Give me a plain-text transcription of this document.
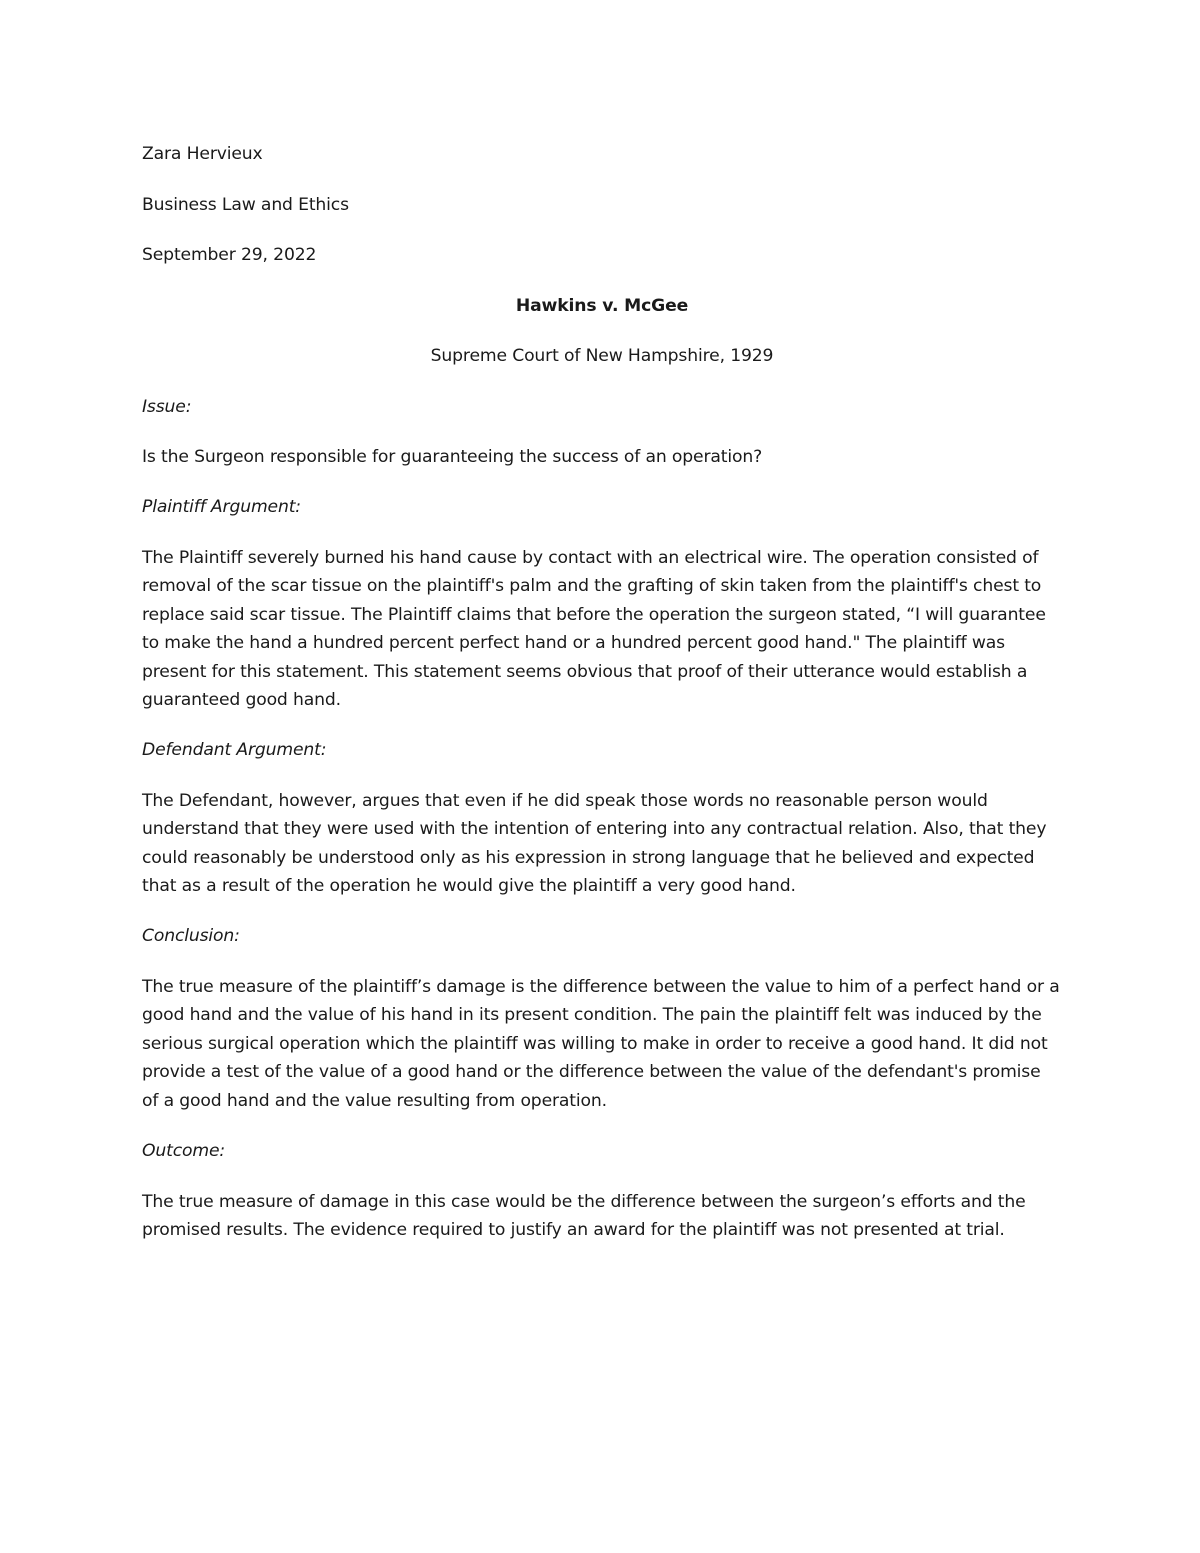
Zara Hervieux
Business Law and Ethics
September 29, 2022
Hawkins v. McGee
Supreme Court of New Hampshire, 1929
Issue:
Is the Surgeon responsible for guaranteeing the success of an operation?
Plaintiff Argument:
The Plaintiff severely burned his hand cause by contact with an electrical wire. The operation consisted of removal of the scar tissue on the plaintiff's palm and the grafting of skin taken from the plaintiff's chest to replace said scar tissue. The Plaintiff claims that before the operation the surgeon stated, “I will guarantee to make the hand a hundred percent perfect hand or a hundred percent good hand." The plaintiff was present for this statement. This statement seems obvious that proof of their utterance would establish a guaranteed good hand.
Defendant Argument:
The Defendant, however, argues that even if he did speak those words no reasonable person would understand that they were used with the intention of entering into any contractual relation. Also, that they could reasonably be understood only as his expression in strong language that he believed and expected that as a result of the operation he would give the plaintiff a very good hand.
Conclusion:
The true measure of the plaintiff’s damage is the difference between the value to him of a perfect hand or a good hand and the value of his hand in its present condition. The pain the plaintiff felt was induced by the serious surgical operation which the plaintiff was willing to make in order to receive a good hand. It did not provide a test of the value of a good hand or the difference between the value of the defendant's promise of a good hand and the value resulting from operation.
Outcome:
The true measure of damage in this case would be the difference between the surgeon’s efforts and the promised results. The evidence required to justify an award for the plaintiff was not presented at trial.
